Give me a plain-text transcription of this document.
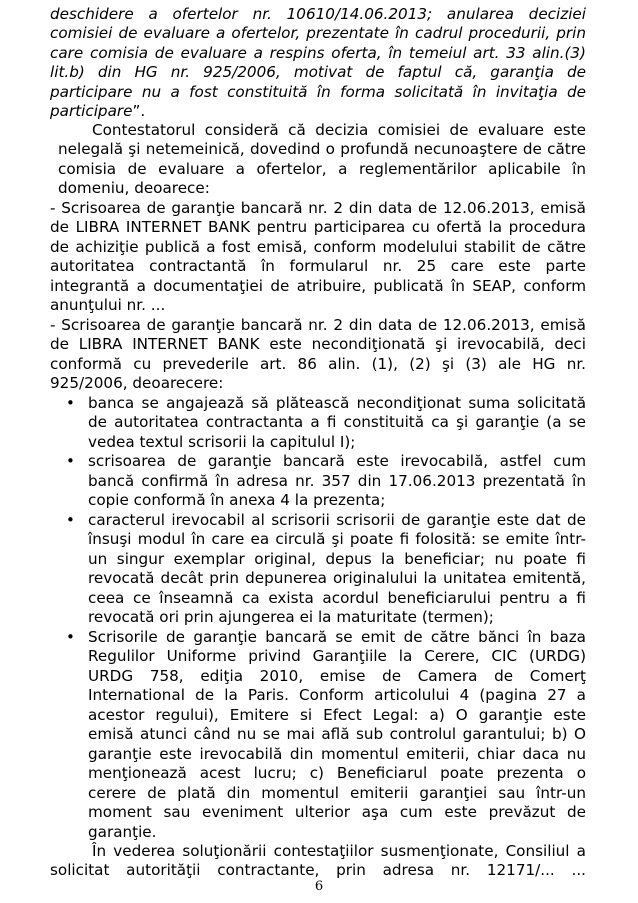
deschidere a ofertelor nr. 10610/14.06.2013; anularea deciziei
comisiei de evaluare a ofertelor, prezentate în cadrul procedurii, prin
care comisia de evaluare a respins oferta, în temeiul art. 33 alin.(3)
lit.b) din HG nr. 925/2006, motivat de faptul că, garanţia de
participare nu a fost constituită în forma solicitată în invitaţia de
participare”.
Contestatorul consideră că decizia comisiei de evaluare este
nelegală şi netemeinică, dovedind o profundă necunoaştere de către
comisia de evaluare a ofertelor, a reglementărilor aplicabile în
domeniu, deoarece:
- Scrisoarea de garanţie bancară nr. 2 din data de 12.06.2013, emisă
de LIBRA INTERNET BANK pentru participarea cu ofertă la procedura
de achiziţie publică a fost emisă, conform modelului stabilit de către
autoritatea contractantă în formularul nr. 25 care este parte
integrantă a documentaţiei de atribuire, publicată în SEAP, conform
anunţului nr. ...
- Scrisoarea de garanţie bancară nr. 2 din data de 12.06.2013, emisă
de LIBRA INTERNET BANK este necondiţionată şi irevocabilă, deci
conformă cu prevederile art. 86 alin. (1), (2) şi (3) ale HG nr.
925/2006, deoarecere:
• banca se angajează să plătească necondiţionat suma solicitată
de autoritatea contractanta a fi constituită ca şi garanţie (a se
vedea textul scrisorii la capitulul I);
• scrisoarea de garanţie bancară este irevocabilă, astfel cum
bancă confirmă în adresa nr. 357 din 17.06.2013 prezentată în
copie conformă în anexa 4 la prezenta;
• caracterul irevocabil al scrisorii scrisorii de garanţie este dat de
însuşi modul în care ea circulă şi poate fi folosită: se emite într-
un singur exemplar original, depus la beneficiar; nu poate fi
revocată decât prin depunerea originalului la unitatea emitentă,
ceea ce înseamnă ca exista acordul beneficiarului pentru a fi
revocată ori prin ajungerea ei la maturitate (termen);
• Scrisorile de garanţie bancară se emit de către bănci în baza
Regulilor Uniforme privind Garanţiile la Cerere, CIC (URDG)
URDG 758, ediţia 2010, emise de Camera de Comerţ
International de la Paris. Conform articolului 4 (pagina 27 a
acestor regului), Emitere si Efect Legal: a) O garanţie este
emisă atunci când nu se mai află sub controlul garantului; b) O
garanţie este irevocabilă din momentul emiterii, chiar daca nu
menţionează acest lucru; c) Beneficiarul poate prezenta o
cerere de plată din momentul emiterii garanţiei sau într-un
moment sau eveniment ulterior aşa cum este prevăzut de
garanţie.
În vederea soluţionării contestaţiilor susmenţionate, Consiliul a
solicitat autorităţii contractante, prin adresa nr. 12171/... ...
6
